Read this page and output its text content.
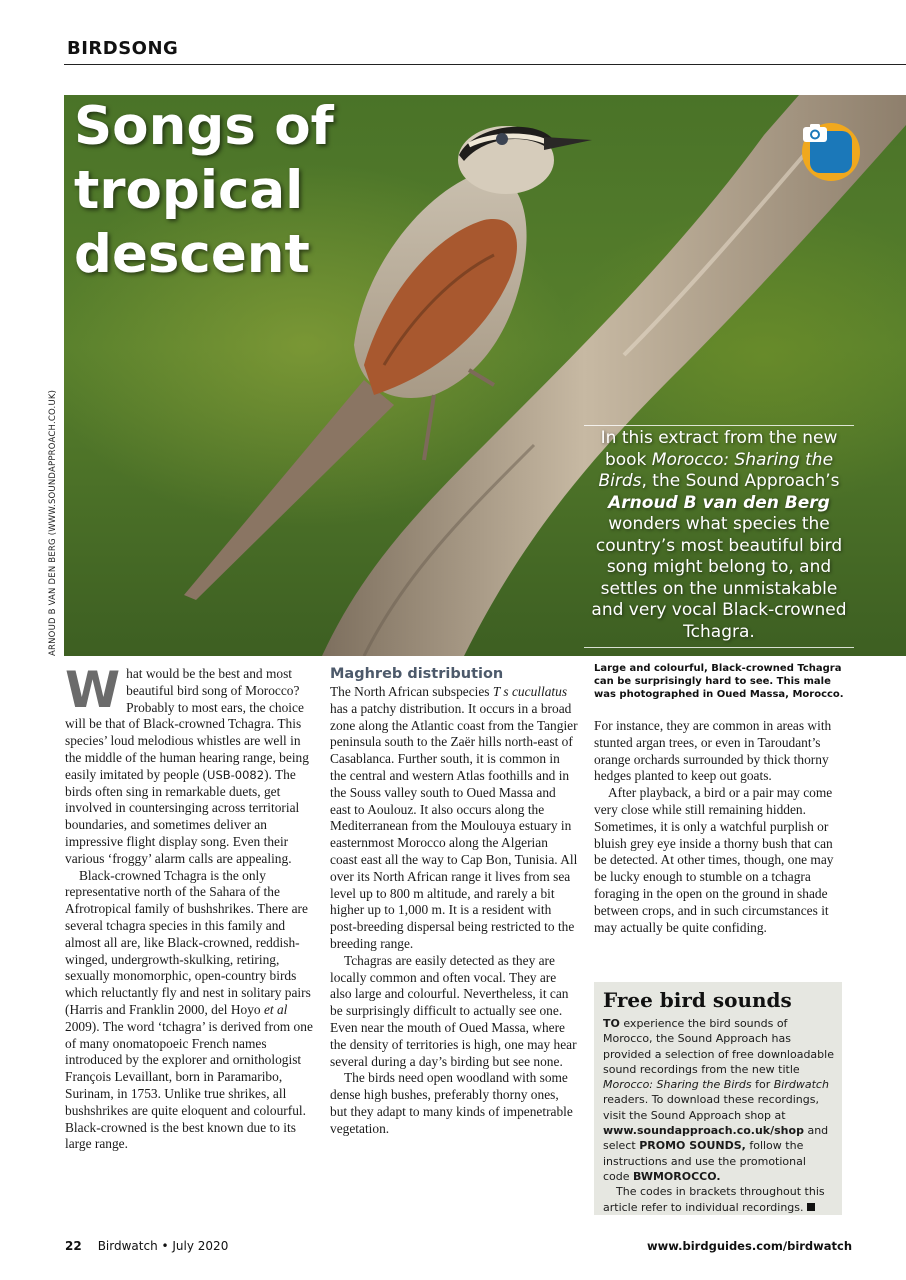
BIRDSONG
Songs of
tropical
descent
In this extract from the new book Morocco: Sharing the Birds, the Sound Approach’s Arnoud B van den Berg wonders what species the country’s most beautiful bird song might belong to, and settles on the unmistakable and very vocal Black-crowned Tchagra.
ARNOUD B VAN DEN BERG (WWW.SOUNDAPPROACH.CO.UK)
Large and colourful, Black-crowned Tchagra can be surprisingly hard to see. This male was photographed in Oued Massa, Morocco.

What would be the best and most beautiful bird song of Morocco? Probably to most ears, the choice will be that of Black-crowned Tchagra. This species’ loud melodious whistles are well in the middle of the human hearing range, being easily imitated by people (USB-0082). The birds often sing in remarkable duets, get involved in countersinging across territorial boundaries, and sometimes deliver an impressive flight display song. Even their various ‘froggy’ alarm calls are appealing.

Black-crowned Tchagra is the only representative north of the Sahara of the Afrotropical family of bushshrikes. There are several tchagra species in this family and almost all are, like Black-crowned, reddish-winged, undergrowth-skulking, retiring, sexually monomorphic, open-country birds which reluctantly fly and nest in solitary pairs (Harris and Franklin 2000, del Hoyo et al 2009). The word ‘tchagra’ is derived from one of many onomatopoeic French names introduced by the explorer and ornithologist François Levaillant, born in Paramaribo, Surinam, in 1753. Unlike true shrikes, all bushshrikes are quite eloquent and colourful. Black-crowned is the best known due to its large range.

Maghreb distribution

The North African subspecies T s cucullatus has a patchy distribution. It occurs in a broad zone along the Atlantic coast from the Tangier peninsula south to the Zaër hills north-east of Casablanca. Further south, it is common in the central and western Atlas foothills and in the Souss valley south to Oued Massa and east to Aoulouz. It also occurs along the Mediterranean from the Moulouya estuary in easternmost Morocco along the Algerian coast east all the way to Cap Bon, Tunisia. All over its North African range it lives from sea level up to 800 m altitude, and rarely a bit higher up to 1,000 m. It is a resident with post-breeding dispersal being restricted to the breeding range.

Tchagras are easily detected as they are locally common and often vocal. They are also large and colourful. Nevertheless, it can be surprisingly difficult to actually see one. Even near the mouth of Oued Massa, where the density of territories is high, one may hear several during a day’s birding but see none.

The birds need open woodland with some dense high bushes, preferably thorny ones, but they adapt to many kinds of impenetrable vegetation.

For instance, they are common in areas with stunted argan trees, or even in Taroudant’s orange orchards surrounded by thick thorny hedges planted to keep out goats.

After playback, a bird or a pair may come very close while still remaining hidden. Sometimes, it is only a watchful purplish or bluish grey eye inside a thorny bush that can be detected. At other times, though, one may be lucky enough to stumble on a tchagra foraging in the open on the ground in shade between crops, and in such circumstances it may actually be quite confiding.

Free bird sounds

TO experience the bird sounds of Morocco, the Sound Approach has provided a selection of free downloadable sound recordings from the new title Morocco: Sharing the Birds for Birdwatch readers. To download these recordings, visit the Sound Approach shop at www.soundapproach.co.uk/shop and select PROMO SOUNDS, follow the instructions and use the promotional code BWMOROCCO.

The codes in brackets throughout this article refer to individual recordings.

22 Birdwatch • July 2020	www.birdguides.com/birdwatch
